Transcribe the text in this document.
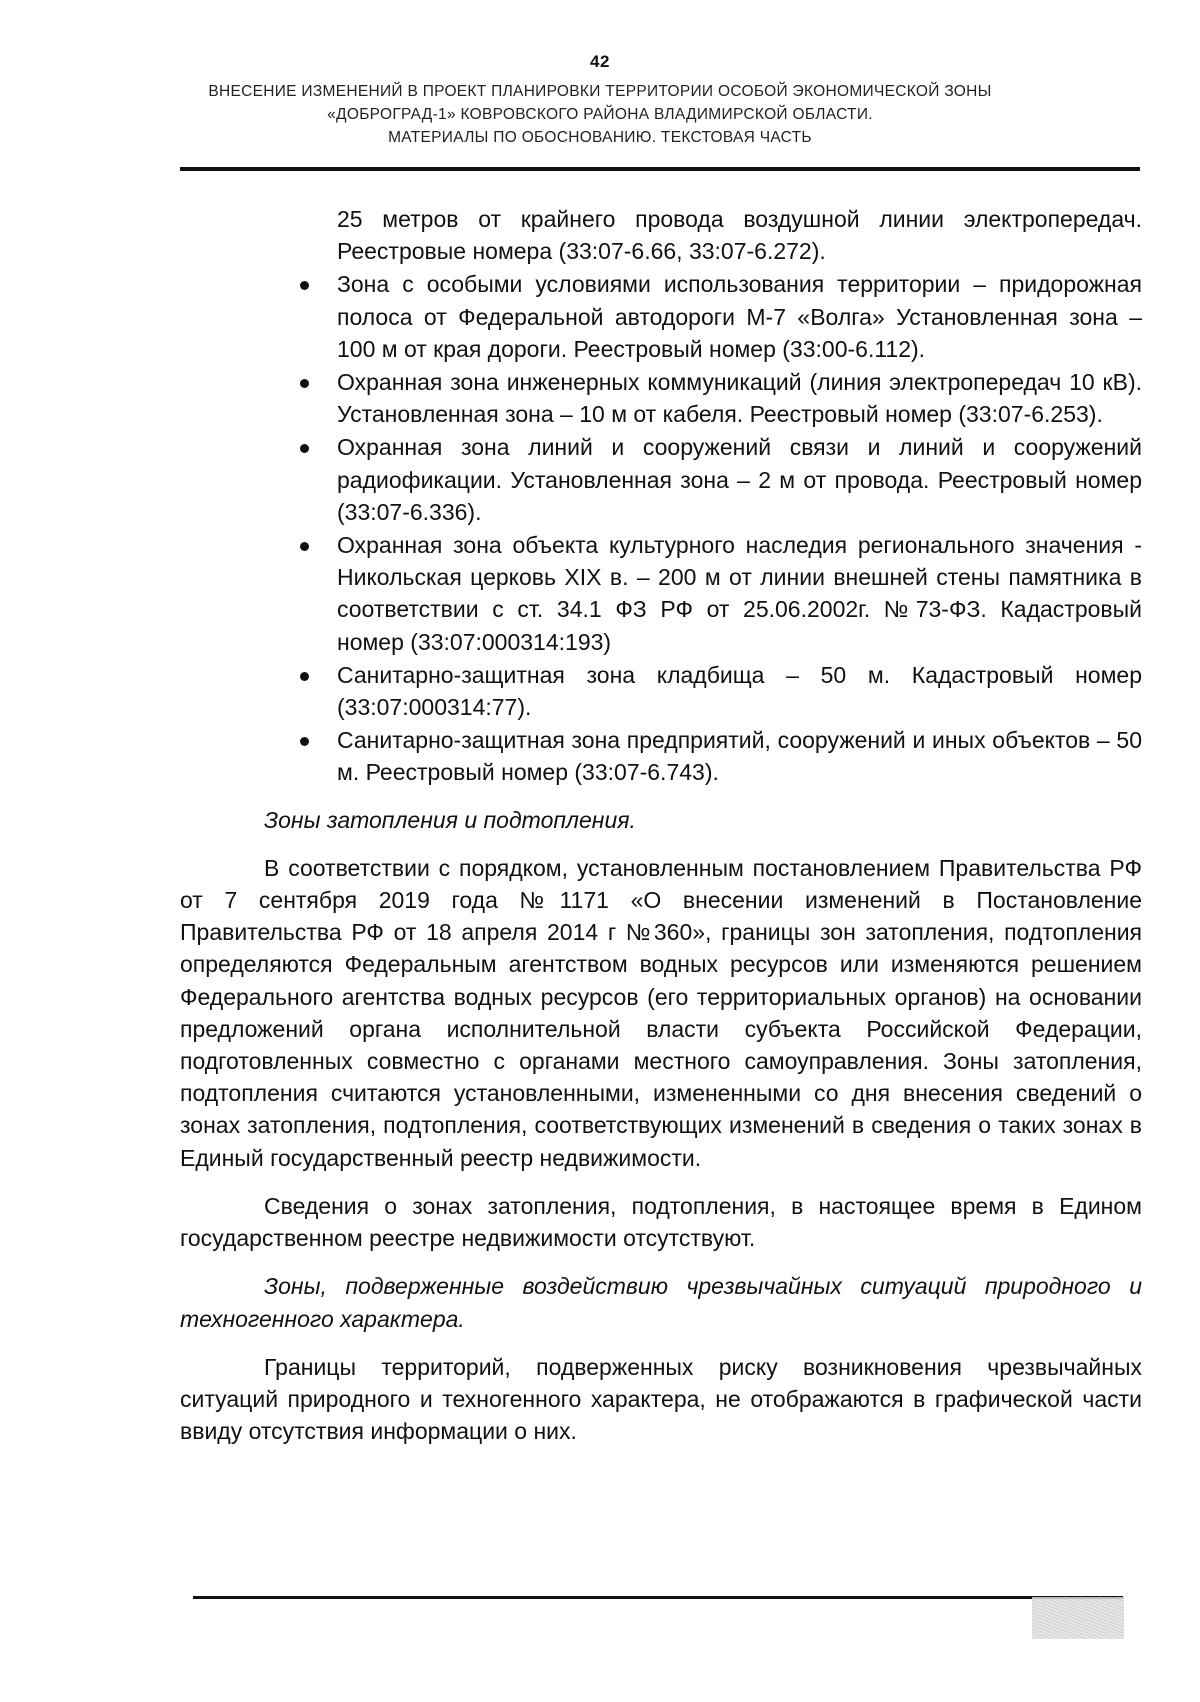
42
ВНЕСЕНИЕ ИЗМЕНЕНИЙ В ПРОЕКТ ПЛАНИРОВКИ ТЕРРИТОРИИ ОСОБОЙ ЭКОНОМИЧЕСКОЙ ЗОНЫ
«ДОБРОГРАД-1» КОВРОВСКОГО РАЙОНА ВЛАДИМИРСКОЙ ОБЛАСТИ.
МАТЕРИАЛЫ ПО ОБОСНОВАНИЮ. ТЕКСТОВАЯ ЧАСТЬ
25 метров от крайнего провода воздушной линии электропередач. Реестровые номера (33:07-6.66, 33:07-6.272).
Зона с особыми условиями использования территории – придорожная полоса от Федеральной автодороги М-7 «Волга» Установленная зона – 100 м от края дороги. Реестровый номер (33:00-6.112).
Охранная зона инженерных коммуникаций (линия электропередач 10 кВ). Установленная зона – 10 м от кабеля. Реестровый номер (33:07-6.253).
Охранная зона линий и сооружений связи и линий и сооружений радиофикации. Установленная зона – 2 м от провода. Реестровый номер (33:07-6.336).
Охранная зона объекта культурного наследия регионального значения - Никольская церковь XIX в. – 200 м от линии внешней стены памятника в соответствии с ст. 34.1 ФЗ РФ от 25.06.2002г. №73-ФЗ. Кадастровый номер (33:07:000314:193)
Санитарно-защитная зона кладбища – 50 м. Кадастровый номер (33:07:000314:77).
Санитарно-защитная зона предприятий, сооружений и иных объектов – 50 м. Реестровый номер (33:07-6.743).
Зоны затопления и подтопления.
В соответствии с порядком, установленным постановлением Правительства РФ от 7 сентября 2019 года №1171 «О внесении изменений в Постановление Правительства РФ от 18 апреля 2014 г №360», границы зон затопления, подтопления определяются Федеральным агентством водных ресурсов или изменяются решением Федерального агентства водных ресурсов (его территориальных органов) на основании предложений органа исполнительной власти субъекта Российской Федерации, подготовленных совместно с органами местного самоуправления. Зоны затопления, подтопления считаются установленными, измененными со дня внесения сведений о зонах затопления, подтопления, соответствующих изменений в сведения о таких зонах в Единый государственный реестр недвижимости.
Сведения о зонах затопления, подтопления, в настоящее время в Едином государственном реестре недвижимости отсутствуют.
Зоны, подверженные воздействию чрезвычайных ситуаций природного и техногенного характера.
Границы территорий, подверженных риску возникновения чрезвычайных ситуаций природного и техногенного характера, не отображаются в графической части ввиду отсутствия информации о них.
